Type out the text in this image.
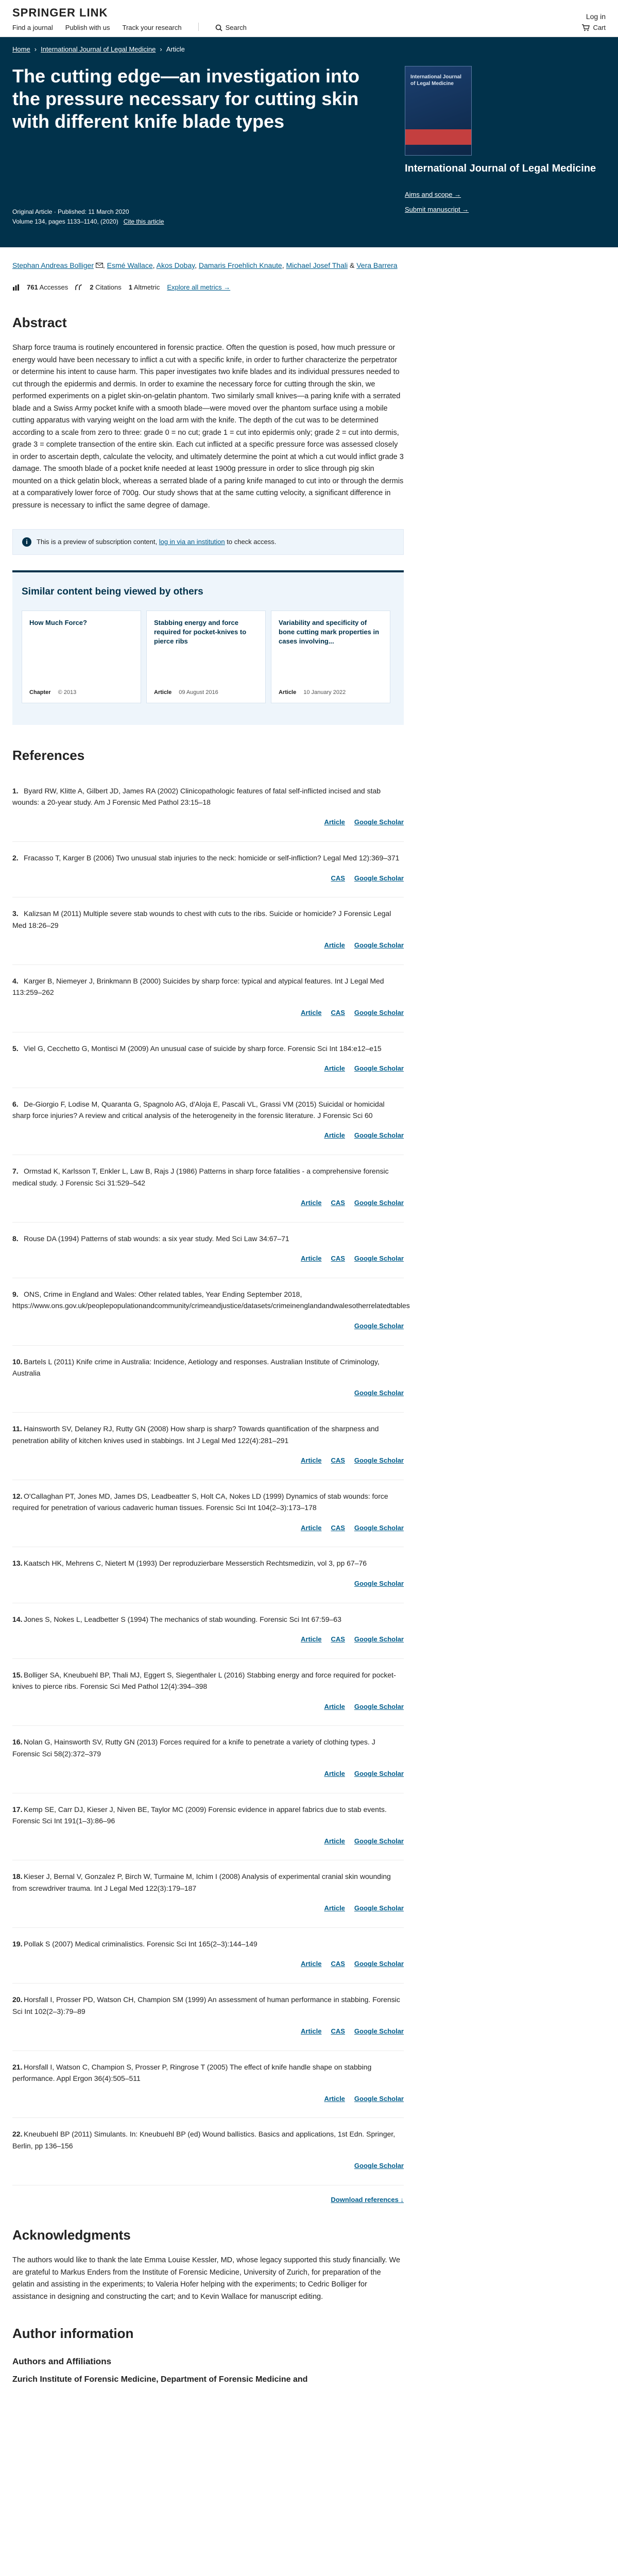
SPRINGER LINK	Log in
Find a journal Publish with us Track your research	Search	Cart
Home › International Journal of Legal Medicine › Article
The cutting edge—an investigation into the pressure necessary for cutting skin with different knife blade types
Original Article · Published: 11 March 2020
Volume 134, pages 1133–1140, (2020) Cite this article
International Journal of Legal Medicine
International Journal of Legal Medicine
Aims and scope →
Submit manuscript →
Stephan Andreas Bolliger , Esmé Wallace, Akos Dobay, Damaris Froehlich Knaute, Michael Josef Thali & Vera Barrera
761 Accesses	2 Citations 1 Altmetric Explore all metrics →
Abstract

Sharp force trauma is routinely encountered in forensic practice. Often the question is posed, how much pressure or energy would have been necessary to inflict a cut with a specific knife, in order to further characterize the perpetrator or determine his intent to cause harm. This paper investigates two knife blades and its individual pressures needed to cut through the epidermis and dermis. In order to examine the necessary force for cutting through the skin, we performed experiments on a piglet skin-on-gelatin phantom. Two similarly small knives—a paring knife with a serrated blade and a Swiss Army pocket knife with a smooth blade—were moved over the phantom surface using a mobile cutting apparatus with varying weight on the load arm with the knife. The depth of the cut was to be determined according to a scale from zero to three: grade 0 = no cut; grade 1 = cut into epidermis only; grade 2 = cut into dermis, grade 3 = complete transection of the entire skin. Each cut inflicted at a specific pressure force was assessed closely in order to ascertain depth, calculate the velocity, and ultimately determine the point at which a cut would inflict grade 3 damage. The smooth blade of a pocket knife needed at least 1900g pressure in order to slice through pig skin mounted on a thick gelatin block, whereas a serrated blade of a paring knife managed to cut into or through the dermis at a comparatively lower force of 700g. Our study shows that at the same cutting velocity, a significant difference in pressure is necessary to inflict the same degree of damage.

i	This is a preview of subscription content, log in via an institution to check access.
Similar content being viewed by others
How Much Force?
Chapter © 2013
Stabbing energy and force required for pocket-knives to pierce ribs
Article 09 August 2016
Variability and specificity of bone cutting mark properties in cases involving...
Article 10 January 2022
References
1. Byard RW, Klitte A, Gilbert JD, James RA (2002) Clinicopathologic features of fatal self-inflicted incised and stab wounds: a 20-year study. Am J Forensic Med Pathol 23:15–18
Article Google Scholar
2. Fracasso T, Karger B (2006) Two unusual stab injuries to the neck: homicide or self-infliction? Legal Med 12):369–371
CAS Google Scholar
3. Kalizsan M (2011) Multiple severe stab wounds to chest with cuts to the ribs. Suicide or homicide? J Forensic Legal Med 18:26–29
Article Google Scholar
4. Karger B, Niemeyer J, Brinkmann B (2000) Suicides by sharp force: typical and atypical features. Int J Legal Med 113:259–262
Article CAS Google Scholar
5. Viel G, Cecchetto G, Montisci M (2009) An unusual case of suicide by sharp force. Forensic Sci Int 184:e12–e15
Article Google Scholar
6. De-Giorgio F, Lodise M, Quaranta G, Spagnolo AG, d'Aloja E, Pascali VL, Grassi VM (2015) Suicidal or homicidal sharp force injuries? A review and critical analysis of the heterogeneity in the forensic literature. J Forensic Sci 60
Article Google Scholar
7. Ormstad K, Karlsson T, Enkler L, Law B, Rajs J (1986) Patterns in sharp force fatalities - a comprehensive forensic medical study. J Forensic Sci 31:529–542
Article CAS Google Scholar
8. Rouse DA (1994) Patterns of stab wounds: a six year study. Med Sci Law 34:67–71
Article CAS Google Scholar
9. ONS, Crime in England and Wales: Other related tables, Year Ending September 2018, https://www.ons.gov.uk/peoplepopulationandcommunity/crimeandjustice/datasets/crimeinenglandandwalesotherrelatedtables
Google Scholar
10. Bartels L (2011) Knife crime in Australia: Incidence, Aetiology and responses. Australian Institute of Criminology, Australia
Google Scholar
11. Hainsworth SV, Delaney RJ, Rutty GN (2008) How sharp is sharp? Towards quantification of the sharpness and penetration ability of kitchen knives used in stabbings. Int J Legal Med 122(4):281–291
Article CAS Google Scholar
12. O'Callaghan PT, Jones MD, James DS, Leadbeatter S, Holt CA, Nokes LD (1999) Dynamics of stab wounds: force required for penetration of various cadaveric human tissues. Forensic Sci Int 104(2–3):173–178
Article CAS Google Scholar
13. Kaatsch HK, Mehrens C, Nietert M (1993) Der reproduzierbare Messerstich Rechtsmedizin, vol 3, pp 67–76
Google Scholar
14. Jones S, Nokes L, Leadbetter S (1994) The mechanics of stab wounding. Forensic Sci Int 67:59–63
Article CAS Google Scholar
15. Bolliger SA, Kneubuehl BP, Thali MJ, Eggert S, Siegenthaler L (2016) Stabbing energy and force required for pocket-knives to pierce ribs. Forensic Sci Med Pathol 12(4):394–398
Article Google Scholar
16. Nolan G, Hainsworth SV, Rutty GN (2013) Forces required for a knife to penetrate a variety of clothing types. J Forensic Sci 58(2):372–379
Article Google Scholar
17. Kemp SE, Carr DJ, Kieser J, Niven BE, Taylor MC (2009) Forensic evidence in apparel fabrics due to stab events. Forensic Sci Int 191(1–3):86–96
Article Google Scholar
18. Kieser J, Bernal V, Gonzalez P, Birch W, Turmaine M, Ichim I (2008) Analysis of experimental cranial skin wounding from screwdriver trauma. Int J Legal Med 122(3):179–187
Article Google Scholar
19. Pollak S (2007) Medical criminalistics. Forensic Sci Int 165(2–3):144–149
Article CAS Google Scholar
20. Horsfall I, Prosser PD, Watson CH, Champion SM (1999) An assessment of human performance in stabbing. Forensic Sci Int 102(2–3):79–89
Article CAS Google Scholar
21. Horsfall I, Watson C, Champion S, Prosser P, Ringrose T (2005) The effect of knife handle shape on stabbing performance. Appl Ergon 36(4):505–511
Article Google Scholar
22. Kneubuehl BP (2011) Simulants. In: Kneubuehl BP (ed) Wound ballistics. Basics and applications, 1st Edn. Springer, Berlin, pp 136–156
Google Scholar
Download references ↓
Acknowledgments

The authors would like to thank the late Emma Louise Kessler, MD, whose legacy supported this study financially. We are grateful to Markus Enders from the Institute of Forensic Medicine, University of Zurich, for preparation of the gelatin and assisting in the experiments; to Valeria Hofer helping with the experiments; to Cedric Bolliger for assistance in designing and constructing the cart; and to Kevin Wallace for manuscript editing.

Author information
Authors and Affiliations
Zurich Institute of Forensic Medicine, Department of Forensic Medicine and
